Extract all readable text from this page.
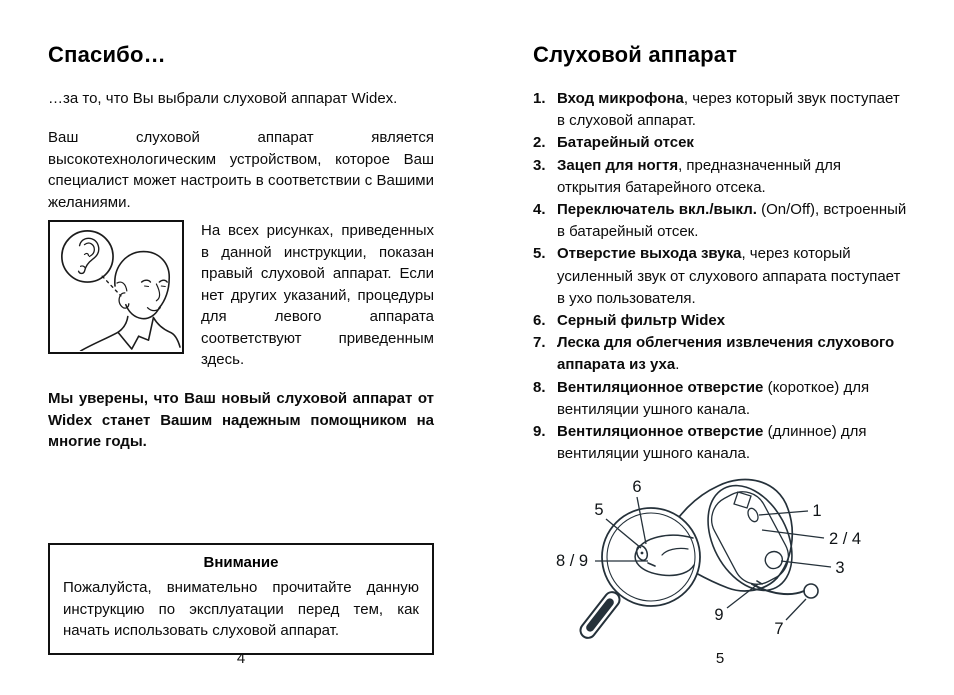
Спасибо…

…за то, что Вы выбрали слуховой аппарат Widex.

Ваш слуховой аппарат является высокотехнологическим устройством, которое Ваш специалист может настроить в соответствии с Вашими желаниями.

На всех рисунках, приведенных в данной инструкции, показан правый слуховой аппарат. Если нет других указаний, процедуры для левого аппарата соответствуют приведенным здесь.

Мы уверены, что Ваш новый слуховой аппарат от Widex станет Вашим надежным помощником на многие годы.

Внимание
Пожалуйста, внимательно прочитайте данную инструкцию по эксплуатации перед тем, как начать использовать слуховой аппарат.
4
Слуховой аппарат
1. Вход микрофона, через который звук поступает в слуховой аппарат.
2. Батарейный отсек
3. Зацеп для ногтя, предназначенный для открытия батарейного отсека.
4. Переключатель вкл./выкл. (On/Off), встроенный в батарейный отсек.
5. Отверстие выхода звука, через который усиленный звук от слухового аппарата поступает в ухо пользователя.
6. Серный фильтр Widex
7. Леска для облегчения извлечения слухового аппарата из уха.
8. Вентиляционное отверстие (короткое) для вентиляции ушного канала.
9. Вентиляционное отверстие (длинное) для вентиляции ушного канала.
6
5
8 / 9
1
2 / 4
3
9
7
5
